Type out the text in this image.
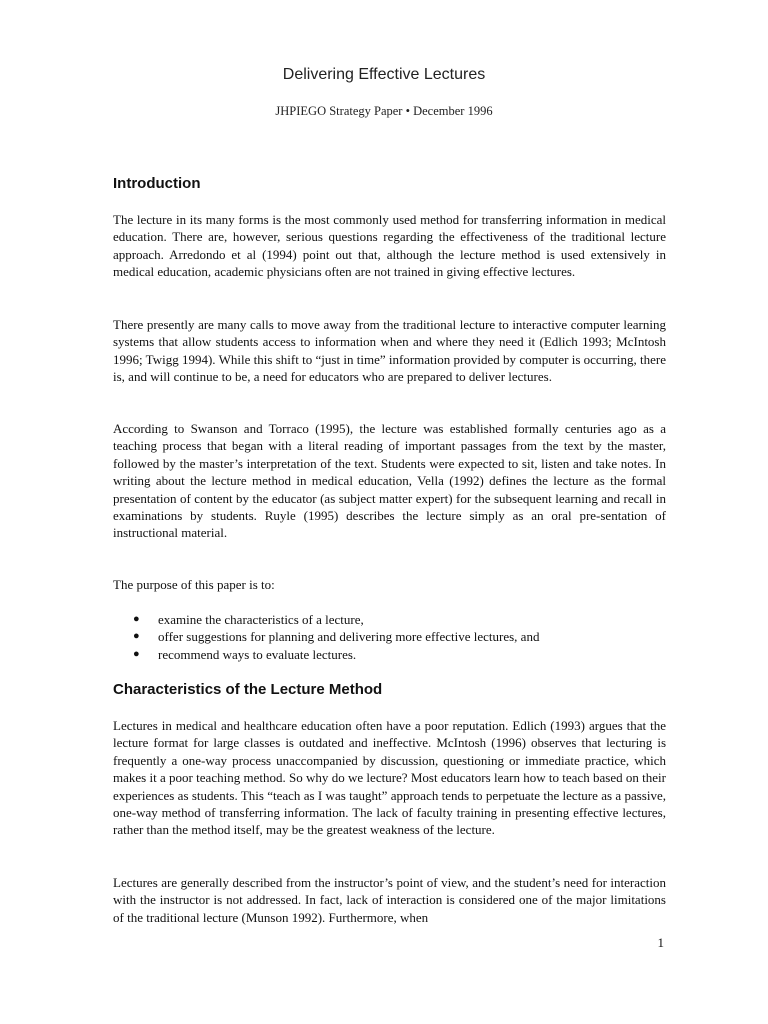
Delivering Effective Lectures
JHPIEGO Strategy Paper • December 1996
Introduction

The lecture in its many forms is the most commonly used method for transferring information in medical education. There are, however, serious questions regarding the effectiveness of the traditional lecture approach. Arredondo et al (1994) point out that, although the lecture method is used extensively in medical education, academic physicians often are not trained in giving effective lectures.

There presently are many calls to move away from the traditional lecture to interactive computer learning systems that allow students access to information when and where they need it (Edlich 1993; McIntosh 1996; Twigg 1994). While this shift to “just in time” information provided by computer is occurring, there is, and will continue to be, a need for educators who are prepared to deliver lectures.

According to Swanson and Torraco (1995), the lecture was established formally centuries ago as a teaching process that began with a literal reading of important passages from the text by the master, followed by the master’s interpretation of the text. Students were expected to sit, listen and take notes. In writing about the lecture method in medical education, Vella (1992) defines the lecture as the formal presentation of content by the educator (as subject matter expert) for the subsequent learning and recall in examinations by students. Ruyle (1995) describes the lecture simply as an oral pre-sentation of instructional material.

The purpose of this paper is to:

● examine the characteristics of a lecture,
● offer suggestions for planning and delivering more effective lectures, and
● recommend ways to evaluate lectures.
Characteristics of the Lecture Method

Lectures in medical and healthcare education often have a poor reputation. Edlich (1993) argues that the lecture format for large classes is outdated and ineffective. McIntosh (1996) observes that lecturing is frequently a one-way process unaccompanied by discussion, questioning or immediate practice, which makes it a poor teaching method. So why do we lecture? Most educators learn how to teach based on their experiences as students. This “teach as I was taught” approach tends to perpetuate the lecture as a passive, one-way method of transferring information. The lack of faculty training in presenting effective lectures, rather than the method itself, may be the greatest weakness of the lecture.

Lectures are generally described from the instructor’s point of view, and the student’s need for interaction with the instructor is not addressed. In fact, lack of interaction is considered one of the major limitations of the traditional lecture (Munson 1992). Furthermore, when

1
